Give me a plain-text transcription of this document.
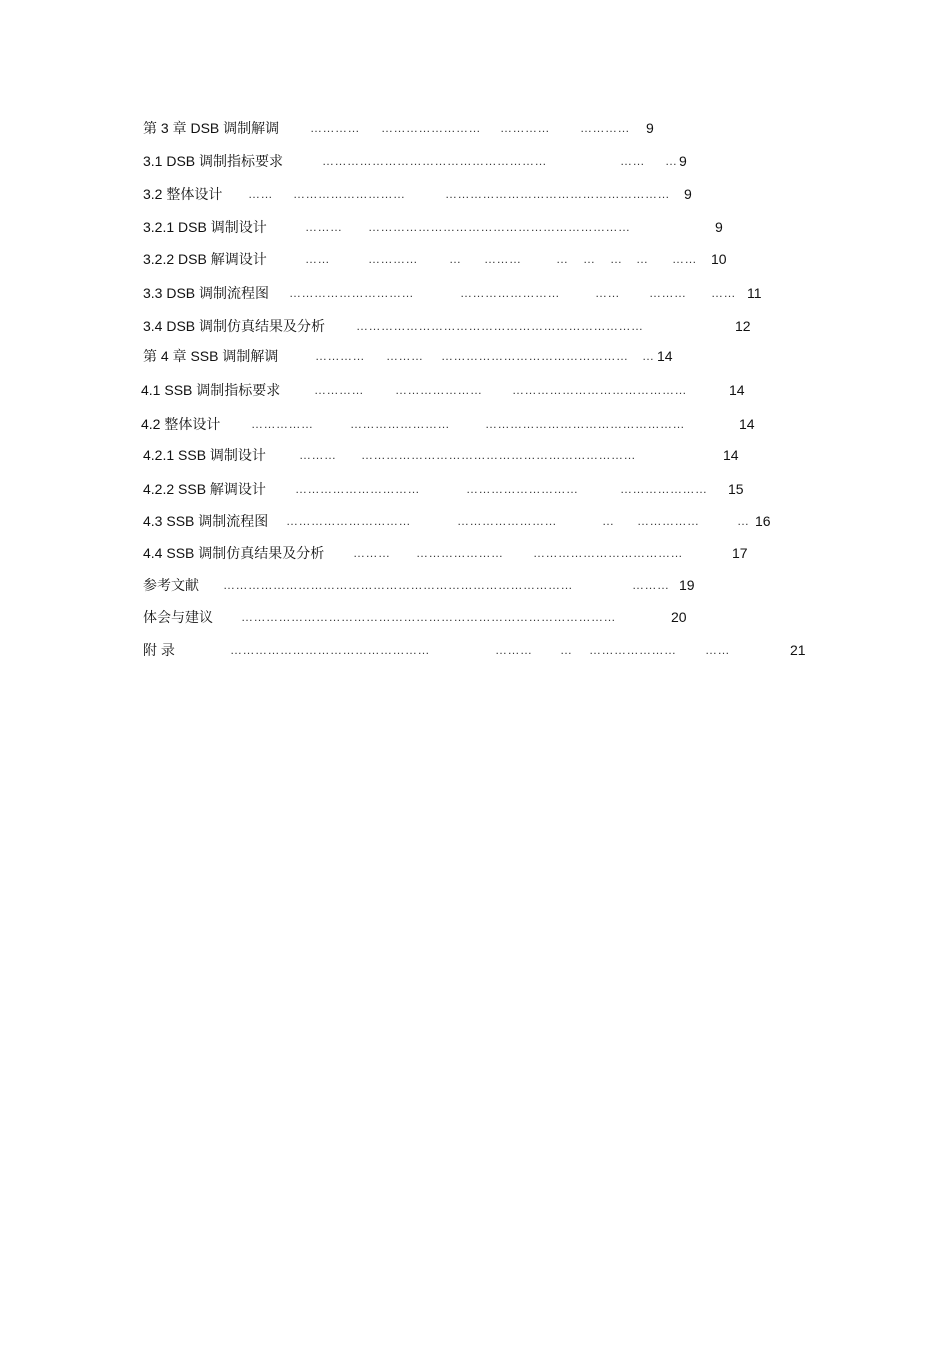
第 3 章 DSB 调制解调	………… …………………… …………	………… 9
3.1 DSB 调制指标要求	………………………………………………	…… … 9
3.2 整体设计 …… ………………………	……………………………………………… 9
3.2.1 DSB 调制设计	……… ………………………………………………………	9
3.2.2 DSB 解调设计	……	…………	… ………	… … … … …… 10
3.3 DSB 调制流程图 …………………………	……………………	…… ……… …… 11
3.4 DSB 调制仿真结果及分析	……………………………………………………………	12
第 4 章 SSB 调制解调	………… ……… ……………………………………… … 14
4.1 SSB 调制指标要求	…………	………………… ……………………………………	14
4.2 整体设计	……………	……………………	…………………………………………	14
4.2.1 SSB 调制设计	……… …………………………………………………………	14
4.2.2 SSB 解调设计 …………………………	………………………	………………… 15
4.3 SSB 调制流程图 …………………………	……………………	… ……………	… 16
4.4 SSB 调制仿真结果及分析 ……… ………………… ………………………………	17
参考文献 …………………………………………………………………………	……… 19
体会与建议 ………………………………………………………………………………	20
附 录	…………………………………………	……… … ………………… ……	21
